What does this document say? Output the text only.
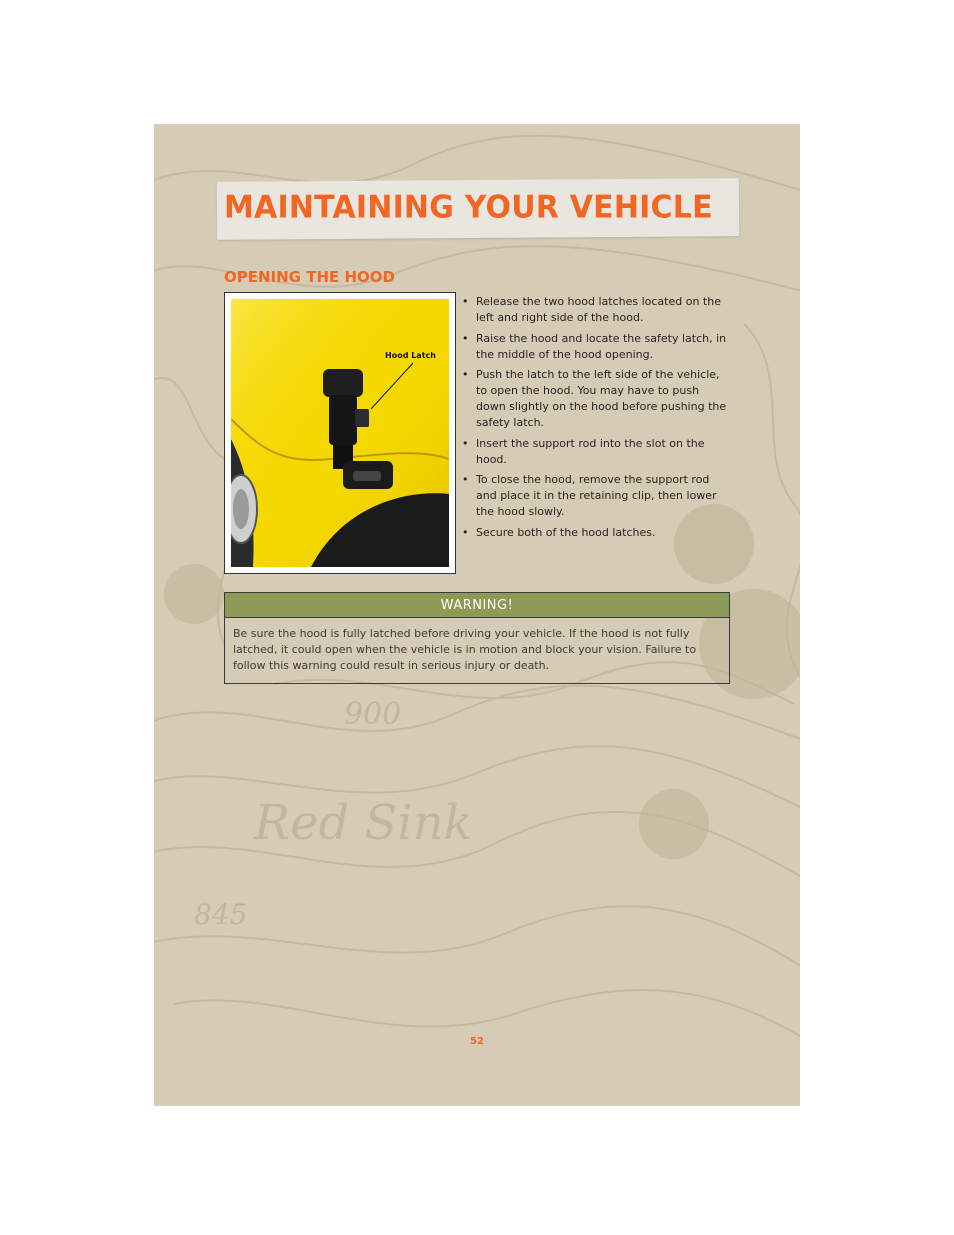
900
Red Sink
845
MAINTAINING YOUR VEHICLE
OPENING THE HOOD

Hood Latch

• Release the two hood latches located on the left and right side of the hood.
• Raise the hood and locate the safety latch, in the middle of the hood opening.
• Push the latch to the left side of the vehicle, to open the hood. You may have to push down slightly on the hood before pushing the safety latch.
• Insert the support rod into the slot on the hood.
• To close the hood, remove the support rod and place it in the retaining clip, then lower the hood slowly.
• Secure both of the hood latches.
WARNING!

Be sure the hood is fully latched before driving your vehicle. If the hood is not fully latched, it could open when the vehicle is in motion and block your vision. Failure to follow this warning could result in serious injury or death.

52
